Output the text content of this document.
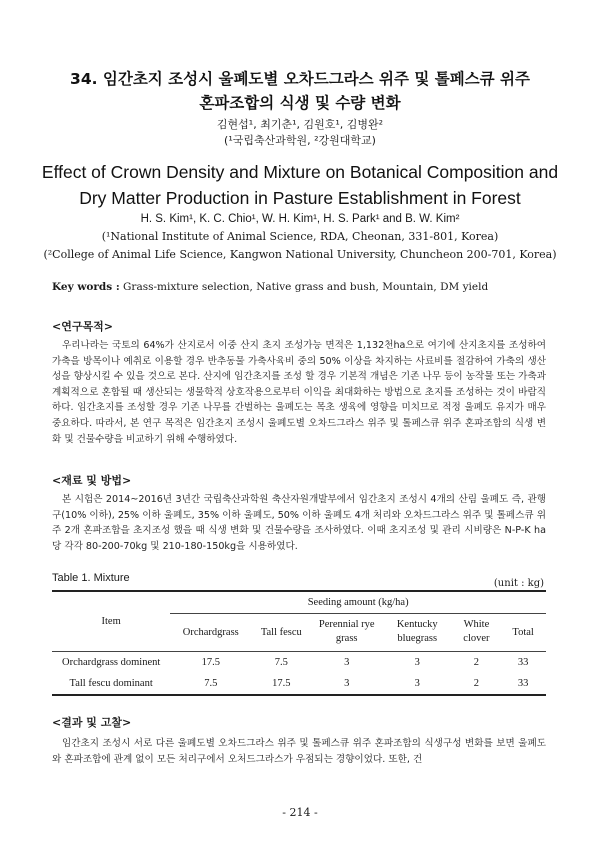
34. 임간초지 조성시 울폐도별 오차드그라스 위주 및 톨페스큐 위주
혼파조합의 식생 및 수량 변화
김현섭¹, 최기춘¹, 김원호¹, 김병완²
(¹국립축산과학원, ²강원대학교)
Effect of Crown Density and Mixture on Botanical Composition and
Dry Matter Production in Pasture Establishment in Forest
H. S. Kim¹, K. C. Chio¹, W. H. Kim¹, H. S. Park¹ and B. W. Kim²
(¹National Institute of Animal Science, RDA, Cheonan, 331-801, Korea)
(²College of Animal Life Science, Kangwon National University, Chuncheon 200-701, Korea)
Key words : Grass-mixture selection, Native grass and bush, Mountain, DM yield
<연구목적>
우리나라는 국토의 64%가 산지로서 이중 산지 초지 조성가능 면적은 1,132천ha으로 여기에 산지초지를 조성하여 가축을 방목이나 예취로 이용할 경우 반추동물 가축사육비 중의 50% 이상을 차지하는 사료비를 절감하여 가축의 생산성을 향상시킬 수 있을 것으로 본다. 산지에 임간초지를 조성 할 경우 기본적 개념은 기존 나무 등이 농작물 또는 가축과 계획적으로 혼합될 때 생산되는 생물학적 상호작용으로부터 이익을 최대화하는 방법으로 초지를 조성하는 것이 바람직하다. 임간초지를 조성할 경우 기존 나무를 간벌하는 울폐도는 목초 생육에 영향을 미치므로 적정 울폐도 유지가 매우 중요하다. 따라서, 본 연구 목적은 임간초지 조성시 울폐도별 오차드그라스 위주 및 톨페스큐 위주 혼파조합의 식생 변화 및 건물수량을 비교하기 위해 수행하였다.
<재료 및 방법>
본 시험은 2014~2016년 3년간 국립축산과학원 축산자원개발부에서 임간초지 조성시 4개의 산림 울폐도 즉, 관행구(10% 이하), 25% 이하 울폐도, 35% 이하 울폐도, 50% 이하 울폐도 4개 처리와 오차드그라스 위주 및 톨페스큐 위주 2개 혼파조합을 초지조성 했을 때 식생 변화 및 건물수량을 조사하였다. 이때 초지조성 및 관리 시비량은 N-P-K ha당 각각 80-200-70kg 및 210-180-150kg을 시용하였다.
Table 1. Mixture	(unit : kg)
Item	Seeding amount (kg/ha)					
	Orchardgrass	Tall fescu	Perennial rye grass	Kentucky bluegrass	White clover	Total
Orchardgrass dominent	17.5	7.5	3	3	2	33
Tall fescu dominant	7.5	17.5	3	3	2	33
<결과 및 고찰>
임간초지 조성시 서로 다른 울폐도별 오차드그라스 위주 및 톨페스큐 위주 혼파조합의 식생구성 변화를 보면 울폐도와 혼파조합에 관계 없이 모든 처리구에서 오처드그라스가 우점되는 경향이었다. 또한, 건
- 214 -
